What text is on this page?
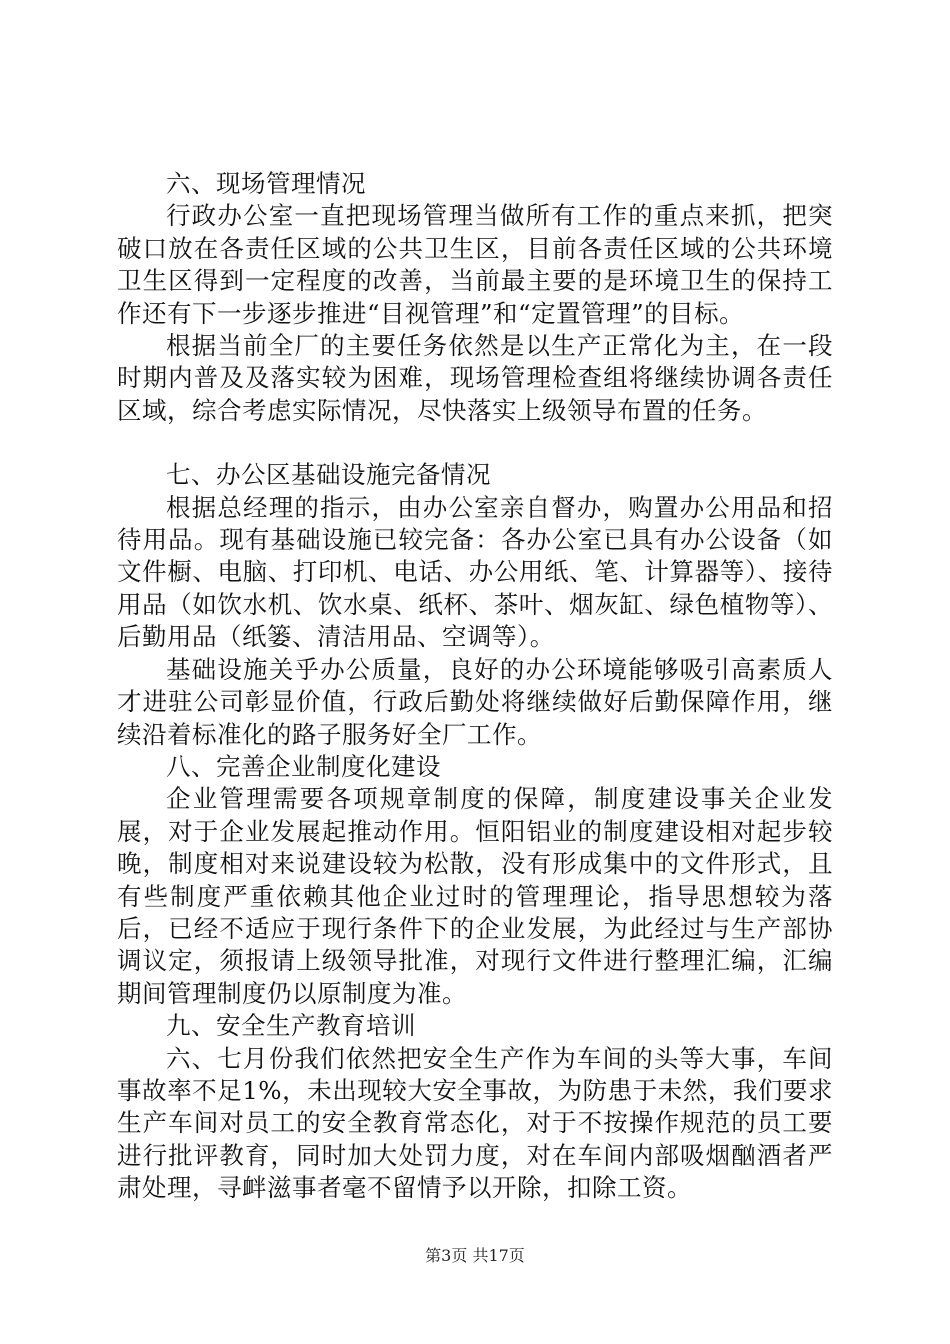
六、现场管理情况

行政办公室一直把现场管理当做所有工作的重点来抓，把突破口放在各责任区域的公共卫生区，目前各责任区域的公共环境卫生区得到一定程度的改善，当前最主要的是环境卫生的保持工作还有下一步逐步推进“目视管理”和“定置管理”的目标。

根据当前全厂的主要任务依然是以生产正常化为主，在一段时期内普及及落实较为困难，现场管理检查组将继续协调各责任区域，综合考虑实际情况，尽快落实上级领导布置的任务。

七、办公区基础设施完备情况

根据总经理的指示，由办公室亲自督办，购置办公用品和招待用品。现有基础设施已较完备：各办公室已具有办公设备（如文件橱、电脑、打印机、电话、办公用纸、笔、计算器等）、接待用品（如饮水机、饮水桌、纸杯、茶叶、烟灰缸、绿色植物等）、后勤用品（纸篓、清洁用品、空调等）。

基础设施关乎办公质量，良好的办公环境能够吸引高素质人才进驻公司彰显价值，行政后勤处将继续做好后勤保障作用，继续沿着标准化的路子服务好全厂工作。

八、完善企业制度化建设

企业管理需要各项规章制度的保障，制度建设事关企业发展，对于企业发展起推动作用。恒阳铝业的制度建设相对起步较晚，制度相对来说建设较为松散，没有形成集中的文件形式，且有些制度严重依赖其他企业过时的管理理论，指导思想较为落后，已经不适应于现行条件下的企业发展，为此经过与生产部协调议定，须报请上级领导批准，对现行文件进行整理汇编，汇编期间管理制度仍以原制度为准。

九、安全生产教育培训

六、七月份我们依然把安全生产作为车间的头等大事，车间事故率不足1%，未出现较大安全事故，为防患于未然，我们要求生产车间对员工的安全教育常态化，对于不按操作规范的员工要进行批评教育，同时加大处罚力度，对在车间内部吸烟酗酒者严肃处理，寻衅滋事者毫不留情予以开除，扣除工资。

第3页 共17页
